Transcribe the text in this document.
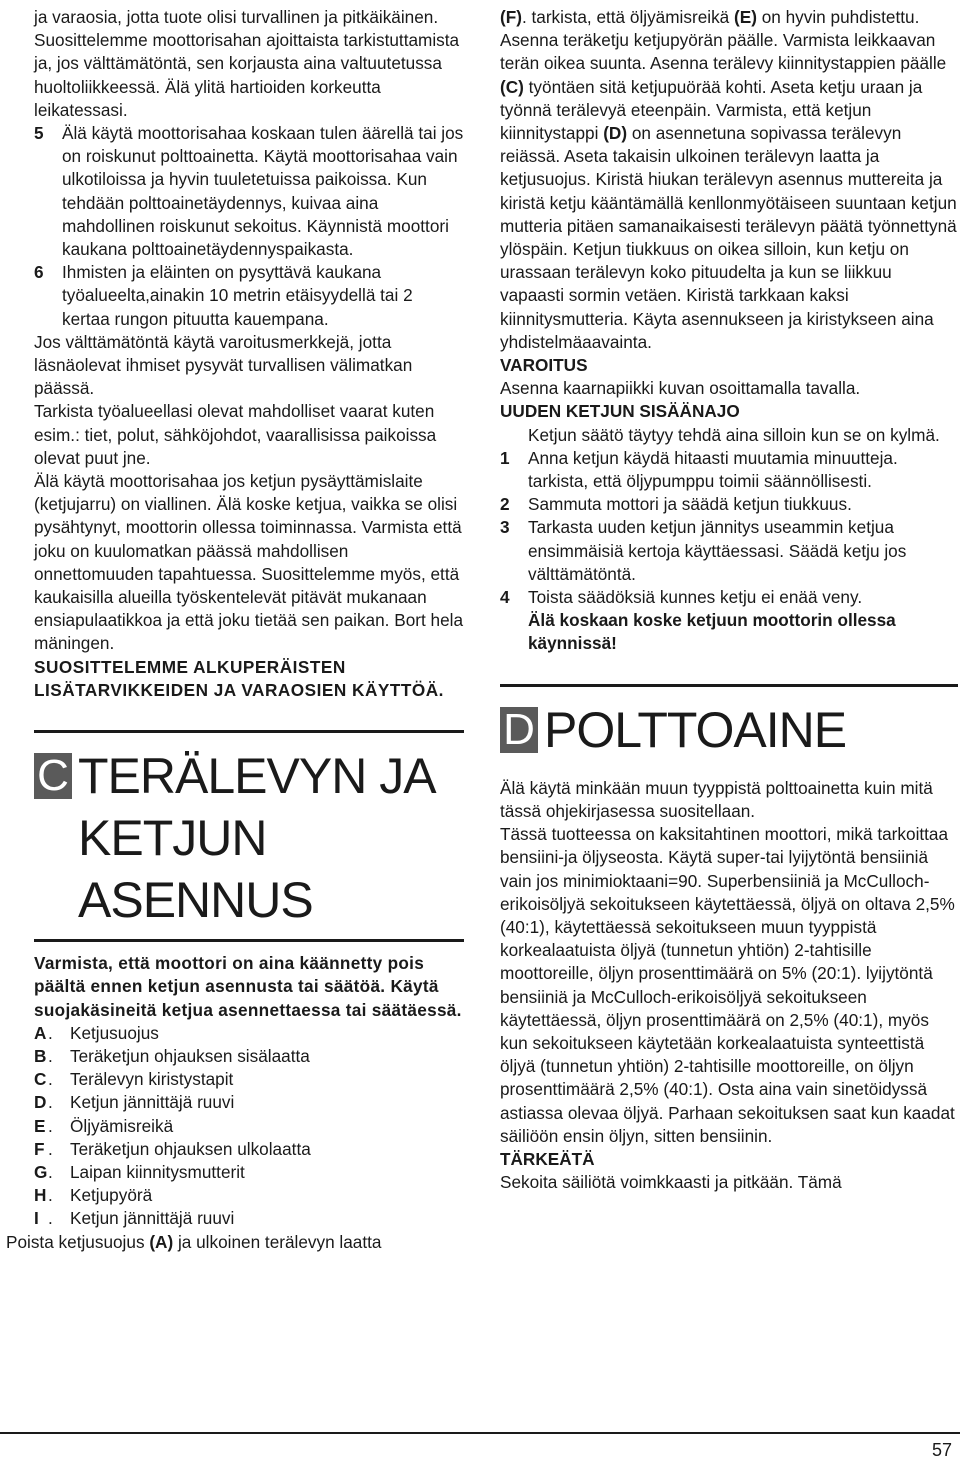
ja varaosia, jotta tuote olisi turvallinen ja pitkäikäinen. Suosittelemme moottorisahan ajoittaista tarkistuttamista ja, jos välttämätöntä, sen korjausta aina valtuutetussa huoltoliikkeessä. Älä ylitä hartioiden korkeutta leikatessasi.

5 Älä käytä moottorisahaa koskaan tulen äärellä tai jos on roiskunut polttoainetta. Käytä moottorisahaa vain ulkotiloissa ja hyvin tuuletetuissa paikoissa. Kun tehdään polttoainetäydennys, kuivaa aina mahdollinen roiskunut sekoitus. Käynnistä moottori kaukana polttoainetäydennyspaikasta.

6 Ihmisten ja eläinten on pysyttävä kaukana työalueelta,ainakin 10 metrin etäisyydellä tai 2 kertaa rungon pituutta kauempana.

Jos välttämätöntä käytä varoitusmerkkejä, jotta läsnäolevat ihmiset pysyvät turvallisen välimatkan päässä.

Tarkista työalueellasi olevat mahdolliset vaarat kuten esim.: tiet, polut, sähköjohdot, vaarallisissa paikoissa olevat puut jne.

Älä käytä moottorisahaa jos ketjun pysäyttämislaite (ketjujarru) on viallinen. Älä koske ketjua, vaikka se olisi pysähtynyt, moottorin ollessa toiminnassa. Varmista että joku on kuulomatkan päässä mahdollisen onnettomuuden tapahtuessa. Suosittelemme myös, että kaukaisilla alueilla työskentelevät pitävät mukanaan ensiapulaatikkoa ja että joku tietää sen paikan. Bort hela mäningen.

SUOSITTELEMME ALKUPERÄISTEN LISÄTARVIKKEIDEN JA VARAOSIEN KÄYTTÖÄ.

C TERÄLEVYN JA
KETJUN
ASENNUS

Varmista, että moottori on aina käännetty pois päältä ennen ketjun asennusta tai säätöä. Käytä suojakäsineitä ketjua asennettaessa tai säätäessä.

A . Ketjusuojus

B . Teräketjun ohjauksen sisälaatta

C . Terälevyn kiristystapit

D . Ketjun jännittäjä ruuvi

E . Öljyämisreikä

F . Teräketjun ohjauksen ulkolaatta

G . Laipan kiinnitysmutterit

H . Ketjupyörä

I . Ketjun jännittäjä ruuvi

Poista ketjusuojus (A) ja ulkoinen terälevyn laatta

(F). tarkista, että öljyämisreikä (E) on hyvin puhdistettu. Asenna teräketju ketjupyörän päälle. Varmista leikkaavan terän oikea suunta. Asenna terälevy kiinnitystappien päälle (C) työntäen sitä ketjupuörää kohti. Aseta ketju uraan ja työnnä terälevyä eteenpäin. Varmista, että ketjun kiinnitystappi (D) on asennetuna sopivassa terälevyn reiässä. Aseta takaisin ulkoinen terälevyn laatta ja ketjusuojus. Kiristä hiukan terälevyn asennus muttereita ja kiristä ketju kääntämällä kenllonmyötäiseen suuntaan ketjun mutteria pitäen samanaikaisesti terälevyn päätä työnnettynä ylöspäin. Ketjun tiukkuus on oikea silloin, kun ketju on urassaan terälevyn koko pituudelta ja kun se liikkuu vapaasti sormin vetäen. Kiristä tarkkaan kaksi kiinnitysmutteria. Käyta asennukseen ja kiristykseen aina yhdistelmäaavainta.

VAROITUS

Asenna kaarnapiikki kuvan osoittamalla tavalla.

UUDEN KETJUN SISÄÄNAJO

Ketjun säätö täytyy tehdä aina silloin kun se on kylmä.

1 Anna ketjun käydä hitaasti muutamia minuutteja. tarkista, että öljypumppu toimii säännöllisesti.

2 Sammuta mottori ja säädä ketjun tiukkuus.

3 Tarkasta uuden ketjun jännitys useammin ketjua ensimmäisiä kertoja käyttäessasi. Säädä ketju jos välttämätöntä.

4 Toista säädöksiä kunnes ketju ei enää veny.

Älä koskaan koske ketjuun moottorin ollessa käynnissä!

D POLTTOAINE

Älä käytä minkään muun tyyppistä polttoainetta kuin mitä tässä ohjekirjasessa suositellaan.

Tässä tuotteessa on kaksitahtinen moottori, mikä tarkoittaa bensiini-ja öljyseosta. Käytä super-tai lyijytöntä bensiiniä vain jos minimioktaani=90. Superbensiiniä ja McCulloch-erikoisöljyä sekoitukseen käytettäessä, öljyä on oltava 2,5% (40:1), käytettäessä sekoitukseen muun tyyppistä korkealaatuista öljyä (tunnetun yhtiön) 2-tahtisille moottoreille, öljyn prosenttimäärä on 5% (20:1). lyijytöntä bensiiniä ja McCulloch-erikoisöljyä sekoitukseen käytettäessä, öljyn prosenttimäärä on 2,5% (40:1), myös kun sekoitukseen käytetään korkealaatuista synteettistä öljyä (tunnetun yhtiön) 2-tahtisille moottoreille, on öljyn prosenttimäärä 2,5% (40:1). Osta aina vain sinetöidyssä astiassa olevaa öljyä. Parhaan sekoituksen saat kun kaadat säiliöön ensin öljyn, sitten bensiinin.

TÄRKEÄTÄ

Sekoita säiliötä voimkkaasti ja pitkään. Tämä

57
